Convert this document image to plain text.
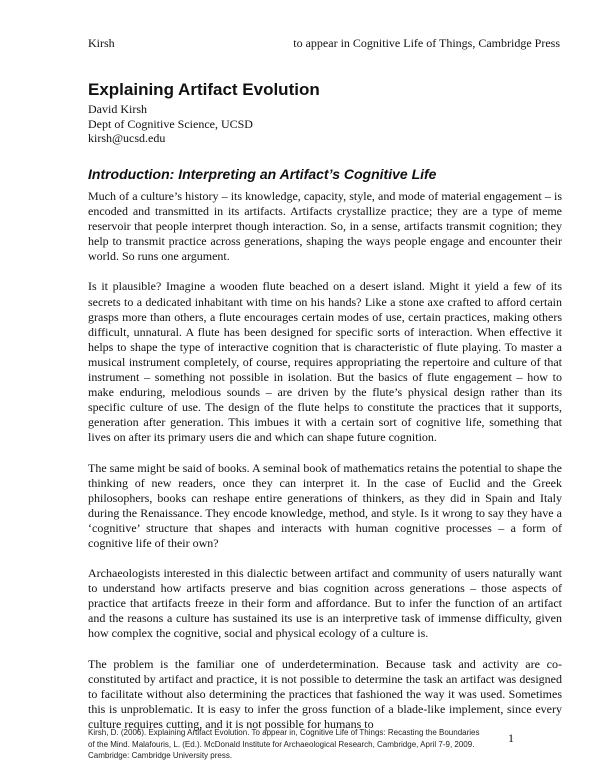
Kirsh	to appear in Cognitive Life of Things, Cambridge Press
Explaining Artifact Evolution
David Kirsh
Dept of Cognitive Science, UCSD
kirsh@ucsd.edu
Introduction: Interpreting an Artifact’s Cognitive Life

Much of a culture’s history – its knowledge, capacity, style, and mode of material engagement – is encoded and transmitted in its artifacts. Artifacts crystallize practice; they are a type of meme reservoir that people interpret though interaction. So, in a sense, artifacts transmit cognition; they help to transmit practice across generations, shaping the ways people engage and encounter their world. So runs one argument.

Is it plausible? Imagine a wooden flute beached on a desert island. Might it yield a few of its secrets to a dedicated inhabitant with time on his hands? Like a stone axe crafted to afford certain grasps more than others, a flute encourages certain modes of use, certain practices, making others difficult, unnatural. A flute has been designed for specific sorts of interaction. When effective it helps to shape the type of interactive cognition that is characteristic of flute playing. To master a musical instrument completely, of course, requires appropriating the repertoire and culture of that instrument – something not possible in isolation. But the basics of flute engagement – how to make enduring, melodious sounds – are driven by the flute’s physical design rather than its specific culture of use. The design of the flute helps to constitute the practices that it supports, generation after generation. This imbues it with a certain sort of cognitive life, something that lives on after its primary users die and which can shape future cognition.

The same might be said of books. A seminal book of mathematics retains the potential to shape the thinking of new readers, once they can interpret it. In the case of Euclid and the Greek philosophers, books can reshape entire generations of thinkers, as they did in Spain and Italy during the Renaissance. They encode knowledge, method, and style. Is it wrong to say they have a ‘cognitive’ structure that shapes and interacts with human cognitive processes – a form of cognitive life of their own?

Archaeologists interested in this dialectic between artifact and community of users naturally want to understand how artifacts preserve and bias cognition across generations – those aspects of practice that artifacts freeze in their form and affordance. But to infer the function of an artifact and the reasons a culture has sustained its use is an interpretive task of immense difficulty, given how complex the cognitive, social and physical ecology of a culture is.

The problem is the familiar one of underdetermination. Because task and activity are co-constituted by artifact and practice, it is not possible to determine the task an artifact was designed to facilitate without also determining the practices that fashioned the way it was used. Sometimes this is unproblematic. It is easy to infer the gross function of a blade-like implement, since every culture requires cutting, and it is not possible for humans to

Kirsh, D. (2006). Explaining Artifact Evolution. To appear in, Cognitive Life of Things: Recasting the Boundaries of the Mind. Malafouris, L. (Ed.). McDonald Institute for Archaeological Research, Cambridge, April 7-9, 2009. Cambridge: Cambridge University press.
1
